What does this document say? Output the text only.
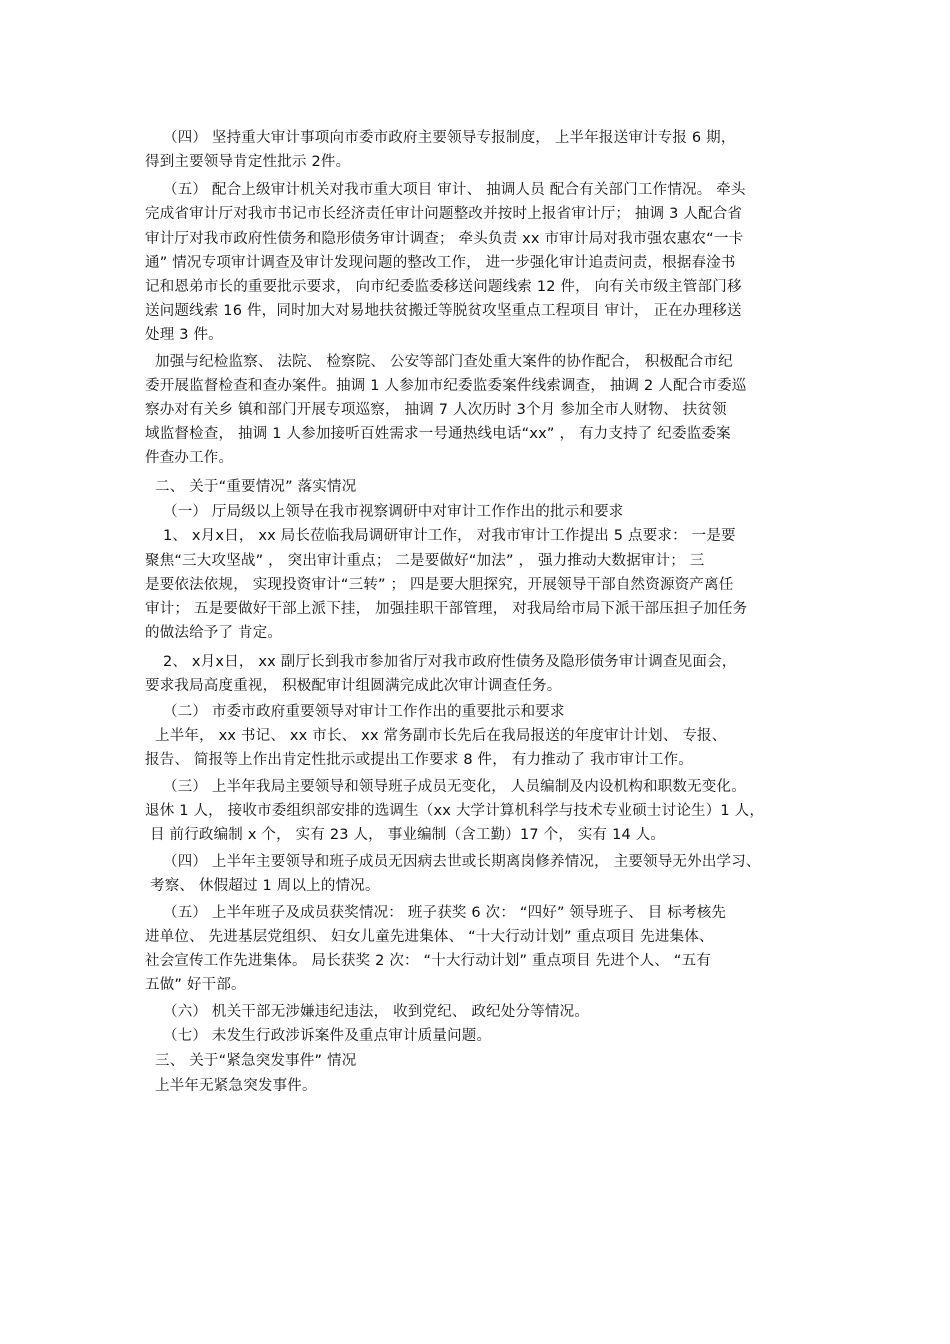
（四） 坚持重大审计事项向市委市政府主要领导专报制度， 上半年报送审计专报 6 期，
得到主要领导肯定性批示 2件。
（五） 配合上级审计机关对我市重大项目 审计、 抽调人员 配合有关部门工作情况。 牵头
完成省审计厅对我市书记市长经济责任审计问题整改并按时上报省审计厅； 抽调 3 人配合省
审计厅对我市政府性债务和隐形债务审计调查； 牵头负责 xx 市审计局对我市强农惠农“一卡
通” 情况专项审计调查及审计发现问题的整改工作， 进一步强化审计追责问责，根据春淦书
记和恩弟市长的重要批示要求， 向市纪委监委移送问题线索 12 件， 向有关市级主管部门移
送问题线索 16 件，同时加大对易地扶贫搬迁等脱贫攻坚重点工程项目 审计， 正在办理移送
处理 3 件。
加强与纪检监察、 法院、 检察院、 公安等部门查处重大案件的协作配合， 积极配合市纪
委开展监督检查和查办案件。抽调 1 人参加市纪委监委案件线索调查， 抽调 2 人配合市委巡
察办对有关乡 镇和部门开展专项巡察， 抽调 7 人次历时 3个月 参加全市人财物、 扶贫领
域监督检查， 抽调 1 人参加接听百姓需求一号通热线电话“xx” ， 有力支持了 纪委监委案
件查办工作。
二、 关于“重要情况” 落实情况
（一） 厅局级以上领导在我市视察调研中对审计工作作出的批示和要求
1、 x月x日， xx 局长莅临我局调研审计工作， 对我市审计工作提出 5 点要求： 一是要
聚焦“三大攻坚战” ， 突出审计重点； 二是要做好“加法” ， 强力推动大数据审计； 三
是要依法依规， 实现投资审计“三转” ； 四是要大胆探究，开展领导干部自然资源资产离任
审计； 五是要做好干部上派下挂， 加强挂职干部管理， 对我局给市局下派干部压担子加任务
的做法给予了 肯定。
2、 x月x日， xx 副厅长到我市参加省厅对我市政府性债务及隐形债务审计调查见面会，
要求我局高度重视， 积极配审计组圆满完成此次审计调查任务。
（二） 市委市政府重要领导对审计工作作出的重要批示和要求
上半年， xx 书记、 xx 市长、 xx 常务副市长先后在我局报送的年度审计计划、 专报、
报告、 简报等上作出肯定性批示或提出工作要求 8 件， 有力推动了 我市审计工作。
（三） 上半年我局主要领导和领导班子成员无变化， 人员编制及内设机构和职数无变化。
退休 1 人， 接收市委组织部安排的选调生（xx 大学计算机科学与技术专业硕士讨论生）1 人，
目 前行政编制 x 个， 实有 23 人， 事业编制（含工勤）17 个， 实有 14 人。
（四） 上半年主要领导和班子成员无因病去世或长期离岗修养情况， 主要领导无外出学习、
考察、 休假超过 1 周以上的情况。
（五） 上半年班子及成员获奖情况： 班子获奖 6 次： “四好” 领导班子、 目 标考核先
进单位、 先进基层党组织、 妇女儿童先进集体、 “十大行动计划” 重点项目 先进集体、
社会宣传工作先进集体。 局长获奖 2 次： “十大行动计划” 重点项目 先进个人、 “五有
五做” 好干部。
（六） 机关干部无涉嫌违纪违法， 收到党纪、 政纪处分等情况。
（七） 未发生行政涉诉案件及重点审计质量问题。
三、 关于“紧急突发事件” 情况
上半年无紧急突发事件。
